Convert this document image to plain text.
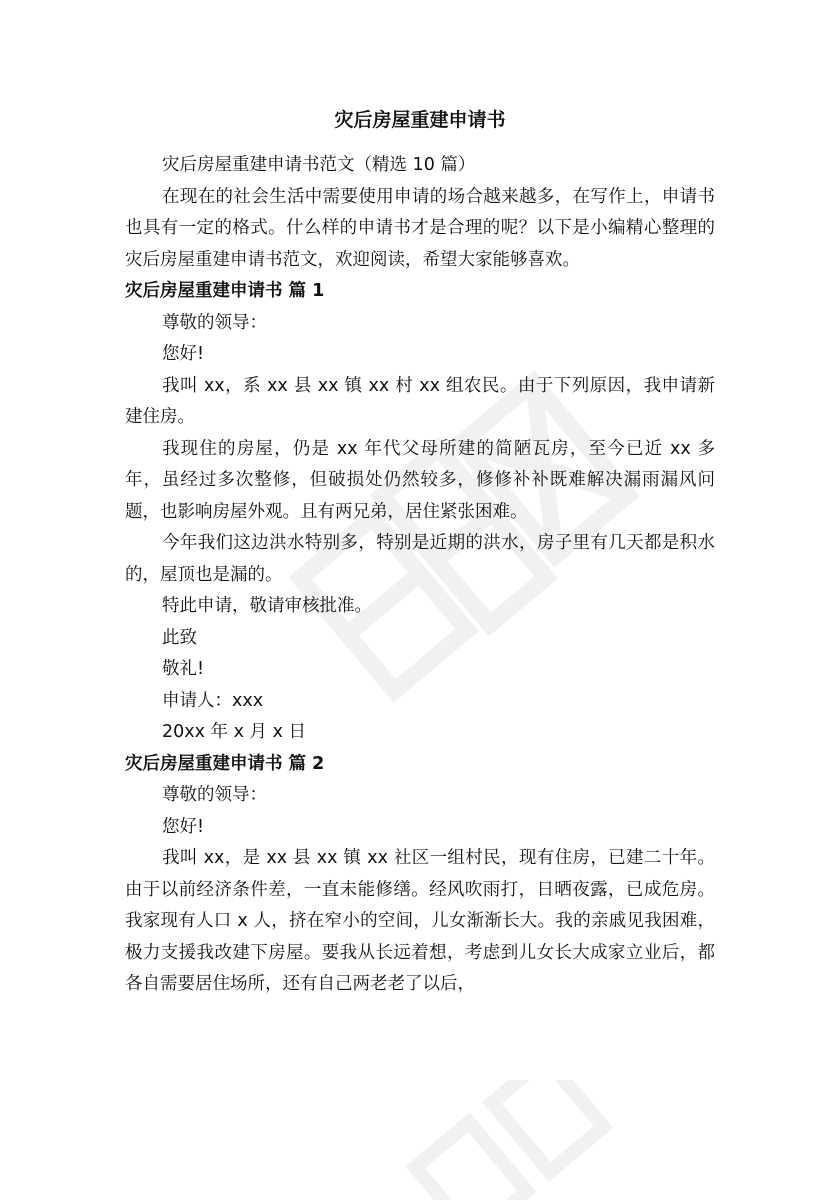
灾后房屋重建申请书

灾后房屋重建申请书范文（精选 10 篇）

在现在的社会生活中需要使用申请的场合越来越多，在写作上，申请书也具有一定的格式。什么样的申请书才是合理的呢？以下是小编精心整理的灾后房屋重建申请书范文，欢迎阅读，希望大家能够喜欢。

灾后房屋重建申请书 篇 1

尊敬的领导：

您好!

我叫 xx，系 xx 县 xx 镇 xx 村 xx 组农民。由于下列原因，我申请新建住房。

我现住的房屋，仍是 xx 年代父母所建的简陋瓦房，至今已近 xx 多年，虽经过多次整修，但破损处仍然较多，修修补补既难解决漏雨漏风问题，也影响房屋外观。且有两兄弟，居住紧张困难。

今年我们这边洪水特别多，特别是近期的洪水，房子里有几天都是积水的，屋顶也是漏的。

特此申请，敬请审核批准。

此致

敬礼!

申请人：xxx

20xx 年 x 月 x 日

灾后房屋重建申请书 篇 2

尊敬的领导：

您好!

我叫 xx，是 xx 县 xx 镇 xx 社区一组村民，现有住房，已建二十年。由于以前经济条件差，一直未能修缮。经风吹雨打，日晒夜露，已成危房。我家现有人口 x 人，挤在窄小的空间，儿女渐渐长大。我的亲戚见我困难，极力支援我改建下房屋。要我从长远着想，考虑到儿女长大成家立业后，都各自需要居住场所，还有自己两老老了以后，
